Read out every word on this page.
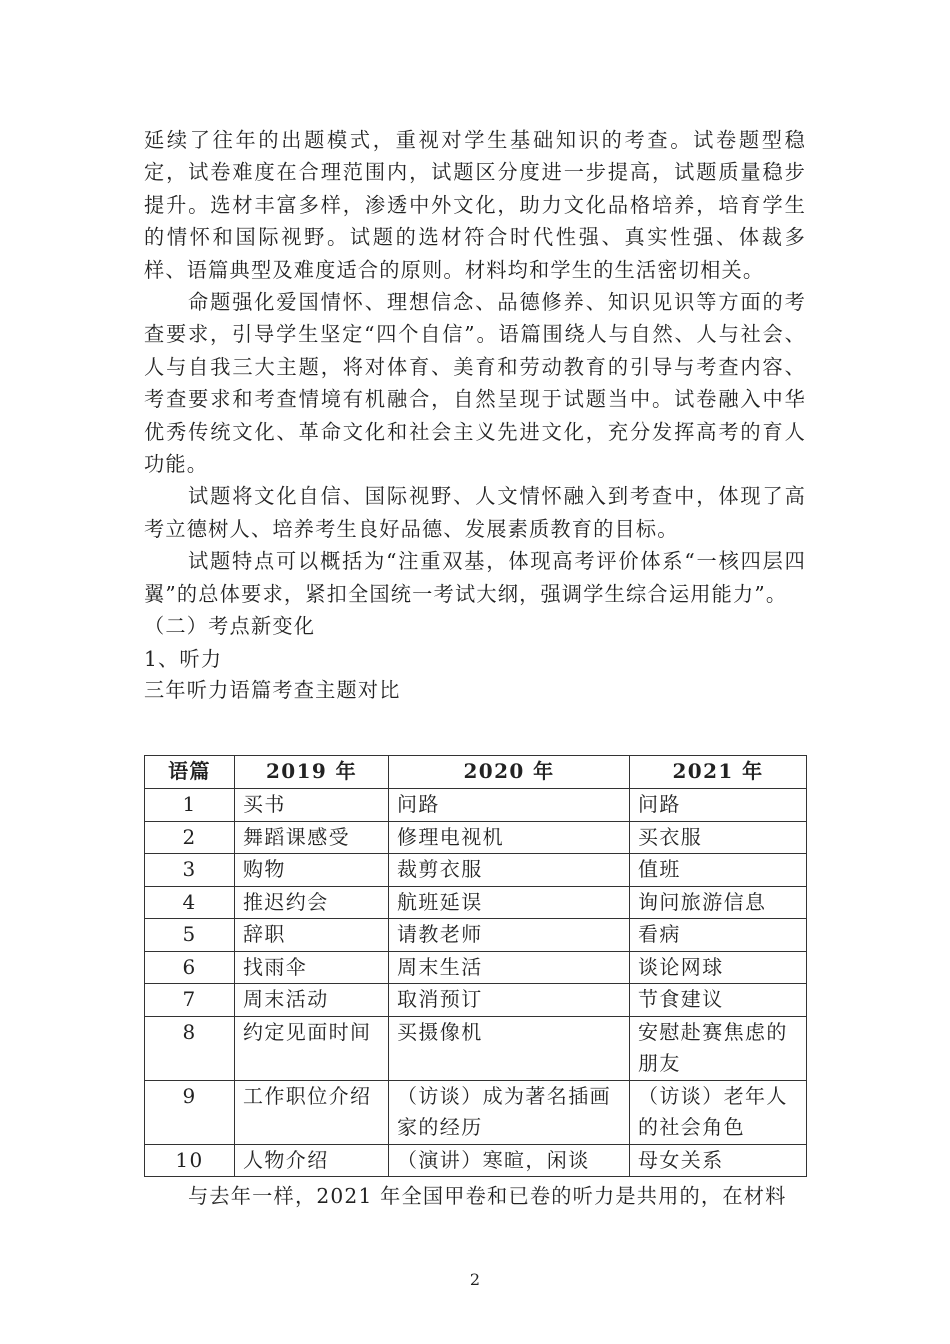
延续了往年的出题模式，重视对学生基础知识的考查。试卷题型稳定，试卷难度在合理范围内，试题区分度进一步提高，试题质量稳步提升。选材丰富多样，渗透中外文化，助力文化品格培养，培育学生的情怀和国际视野。试题的选材符合时代性强、真实性强、体裁多样、语篇典型及难度适合的原则。材料均和学生的生活密切相关。

命题强化爱国情怀、理想信念、品德修养、知识见识等方面的考查要求，引导学生坚定“四个自信”。语篇围绕人与自然、人与社会、人与自我三大主题，将对体育、美育和劳动教育的引导与考查内容、考查要求和考查情境有机融合，自然呈现于试题当中。试卷融入中华优秀传统文化、革命文化和社会主义先进文化，充分发挥高考的育人功能。

试题将文化自信、国际视野、人文情怀融入到考查中，体现了高考立德树人、培养考生良好品德、发展素质教育的目标。

试题特点可以概括为“注重双基，体现高考评价体系“一核四层四翼”的总体要求，紧扣全国统一考试大纲，强调学生综合运用能力”。

（二）考点新变化

1、听力

三年听力语篇考查主题对比

语篇	2019 年	2020 年	2021 年
1	买书	问路	问路
2	舞蹈课感受	修理电视机	买衣服
3	购物	裁剪衣服	值班
4	推迟约会	航班延误	询问旅游信息
5	辞职	请教老师	看病
6	找雨伞	周末生活	谈论网球
7	周末活动	取消预订	节食建议
8	约定见面时间	买摄像机	安慰赴赛焦虑的朋友
9	工作职位介绍	（访谈）成为著名插画家的经历	（访谈）老年人的社会角色
10	人物介绍	（演讲）寒暄，闲谈	母女关系

与去年一样，2021 年全国甲卷和已卷的听力是共用的，在材料

2
